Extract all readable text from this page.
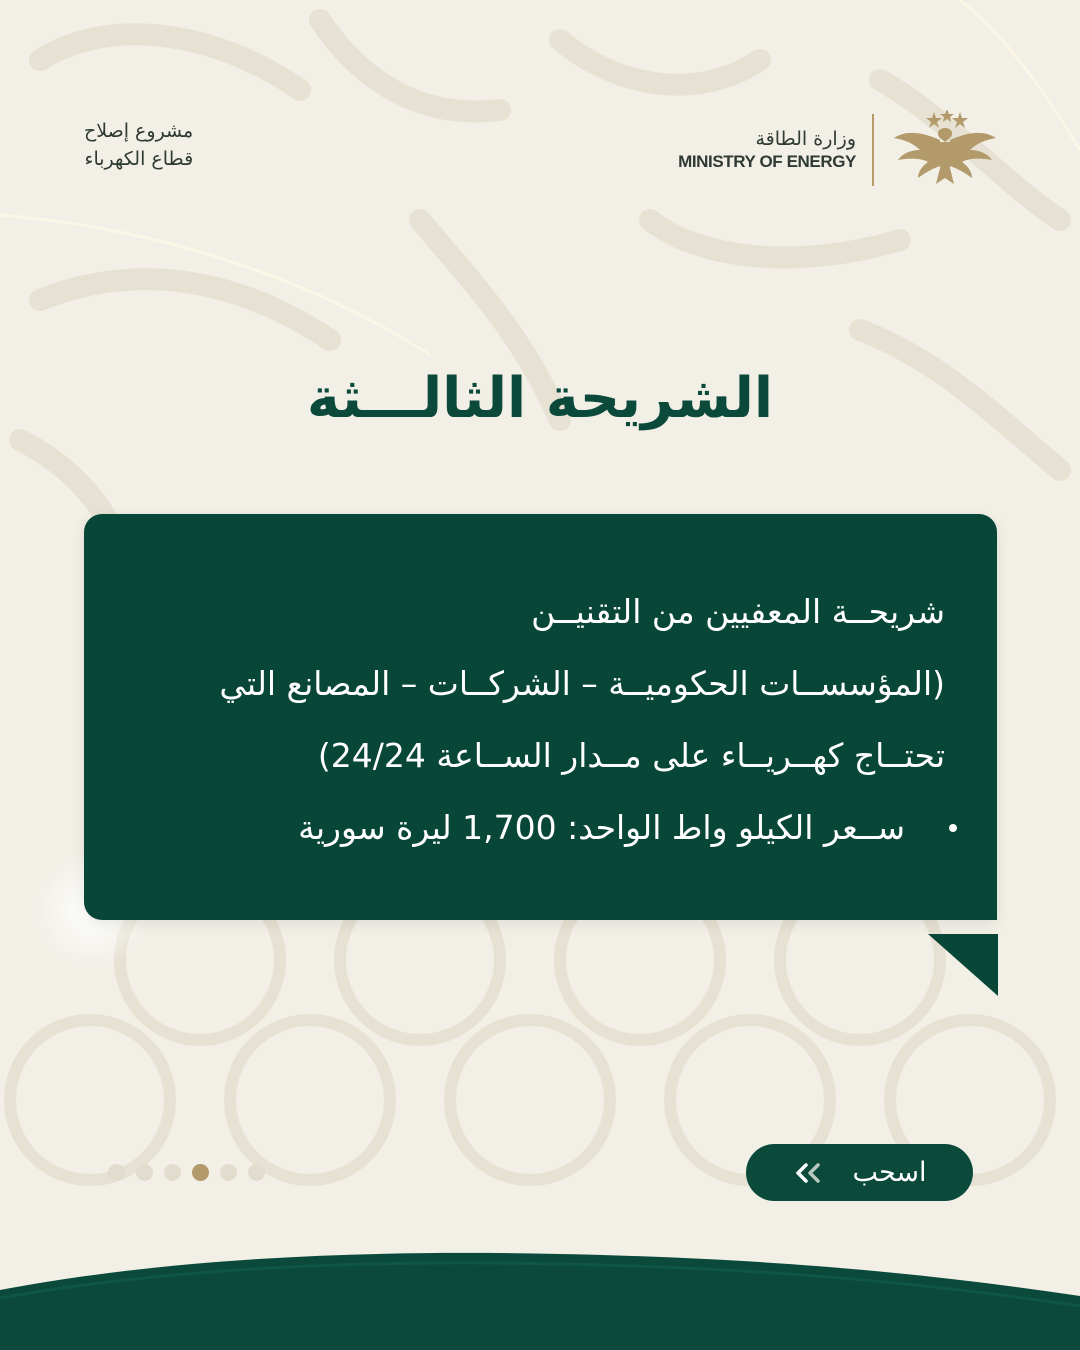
وزارة الطاقة
MINISTRY OF ENERGY
مشروع إصلاح
قطاع الكهرباء
الشريحة الثالـــثة
شريحــة المعفيين من التقنيــن
(المؤسســات الحكوميــة – الشركــات – المصانع التي
تحتــاج كهــريــاء على مــدار الســاعة 24/24)
ســعر الكيلو واط الواحد: 1,700 ليرة سورية
اسحب
